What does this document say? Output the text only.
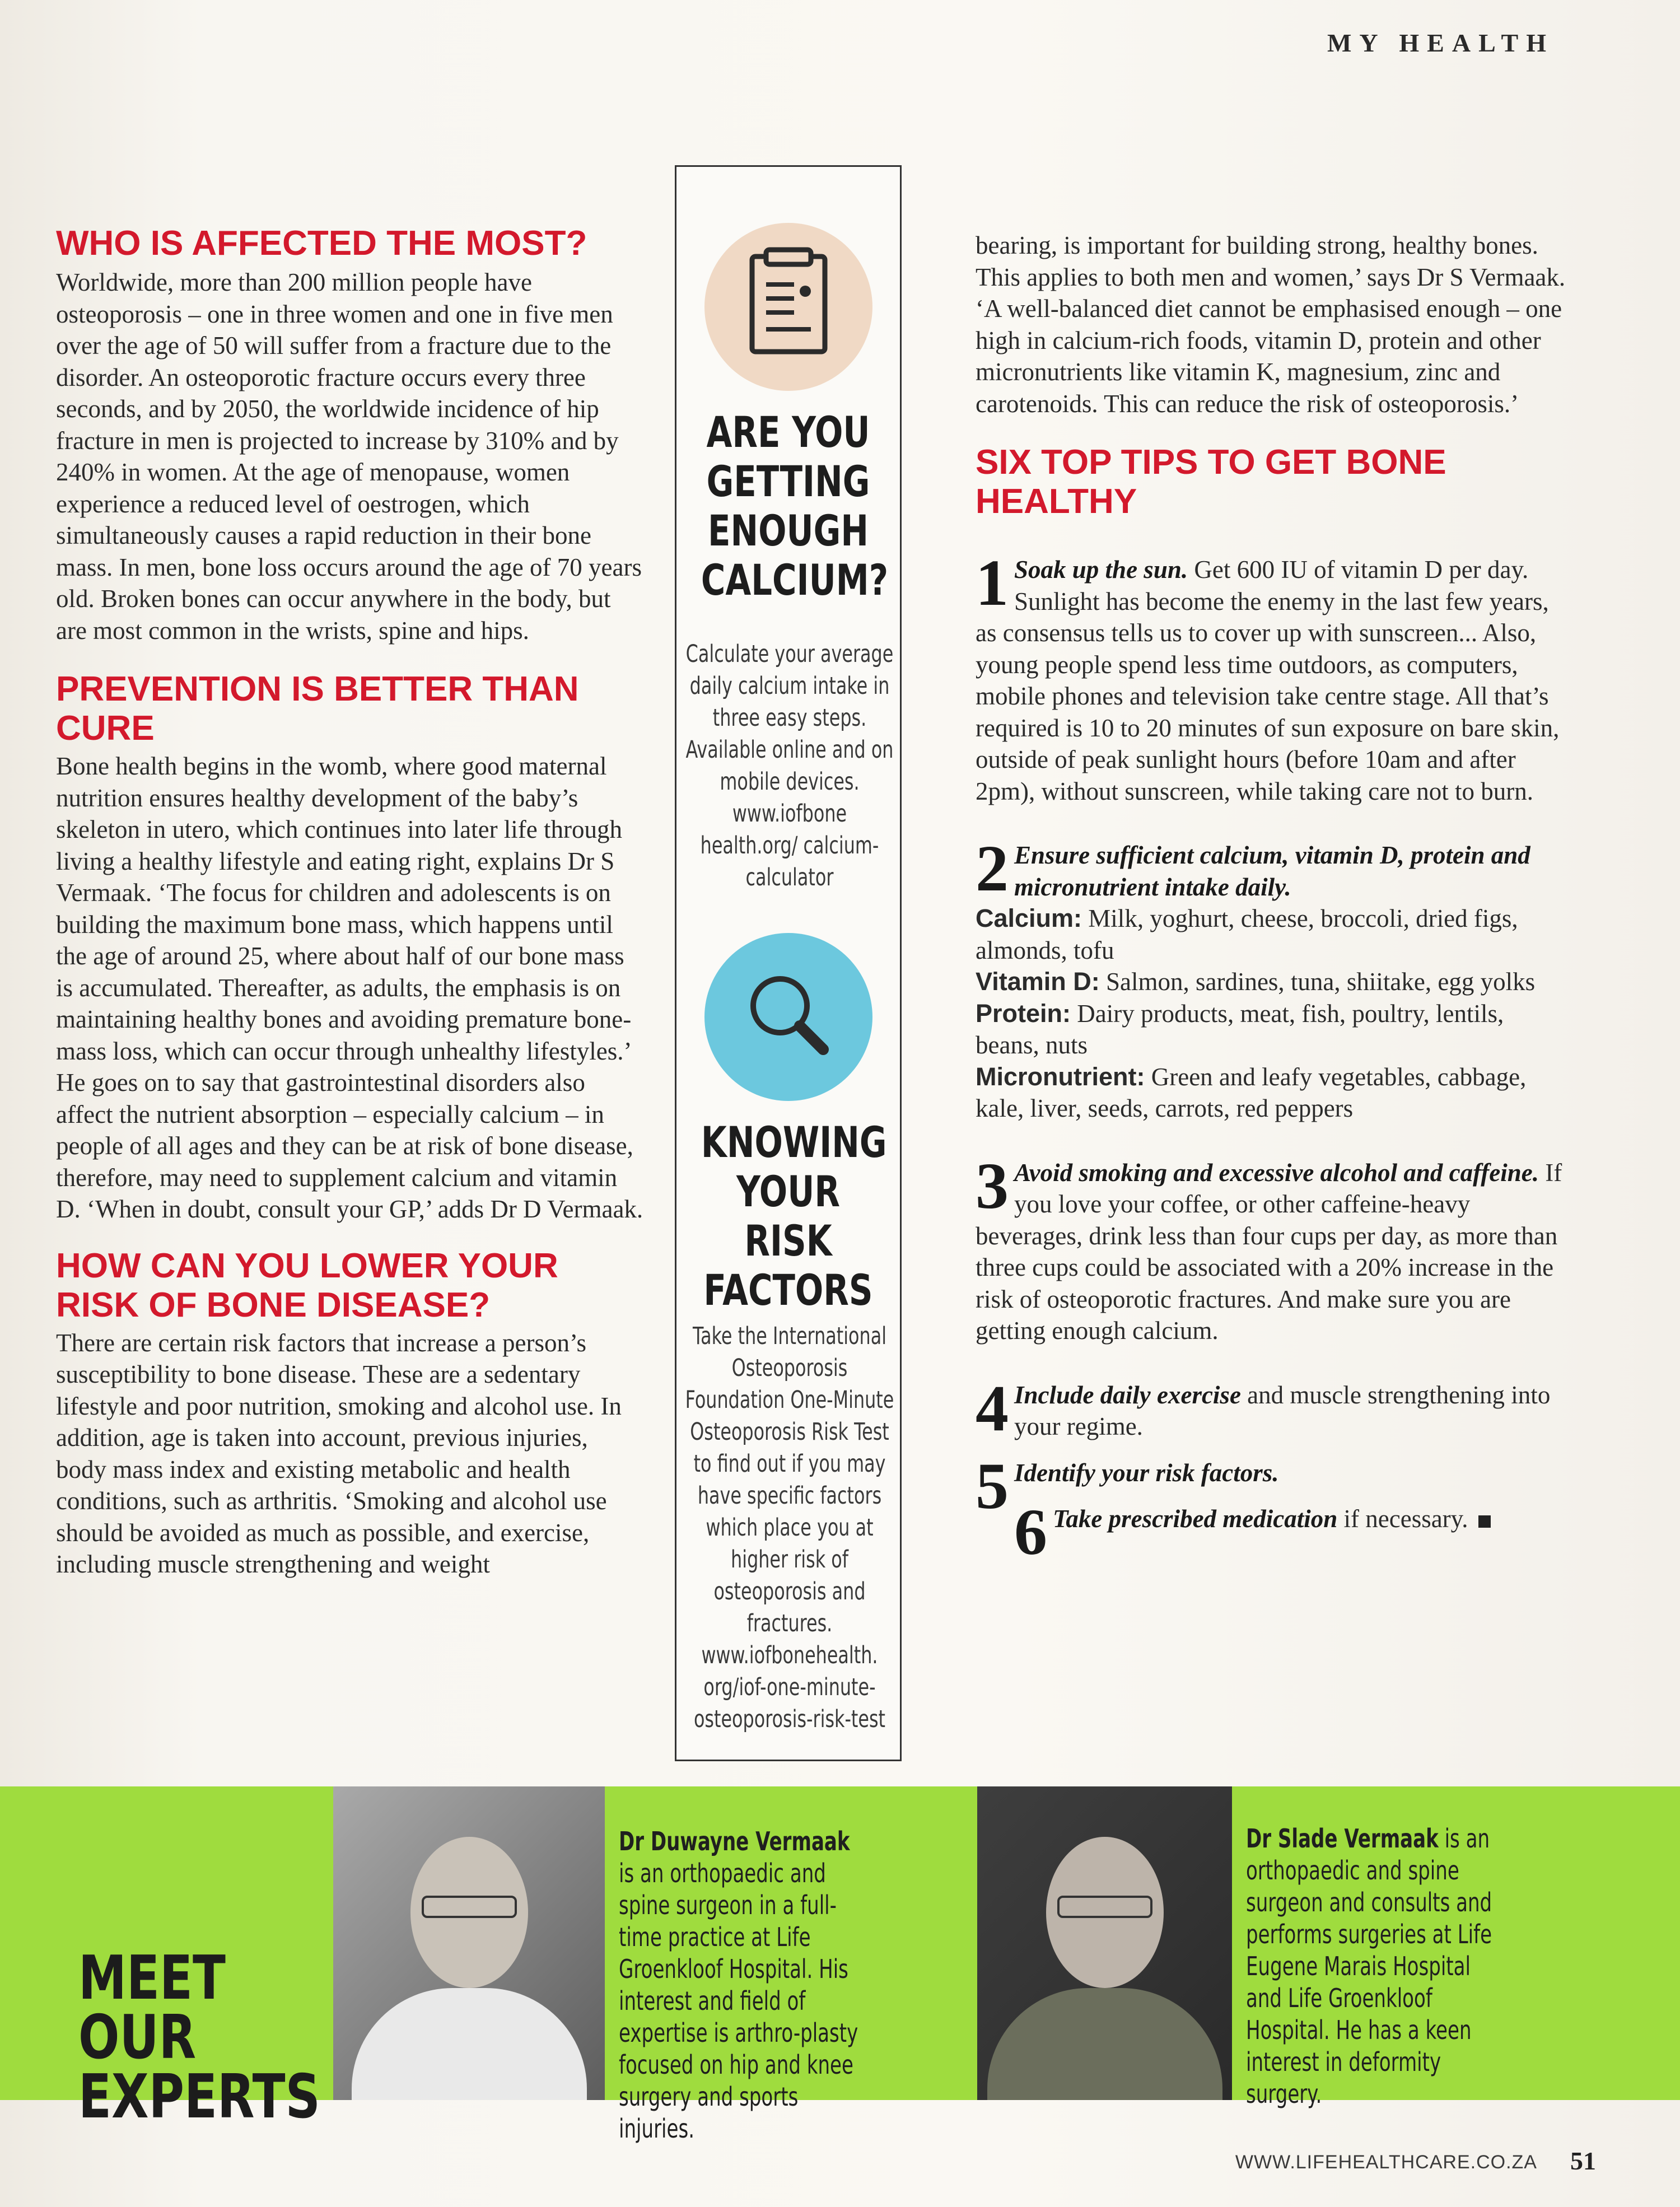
MY HEALTH
WHO IS AFFECTED THE MOST?

Worldwide, more than 200 million people have osteoporosis – one in three women and one in five men over the age of 50 will suffer from a fracture due to the disorder. An osteoporotic fracture occurs every three seconds, and by 2050, the worldwide incidence of hip fracture in men is projected to increase by 310% and by 240% in women. At the age of menopause, women experience a reduced level of oestrogen, which simultaneously causes a rapid reduction in their bone mass. In men, bone loss occurs around the age of 70 years old. Broken bones can occur anywhere in the body, but are most common in the wrists, spine and hips.

PREVENTION IS BETTER THAN CURE

Bone health begins in the womb, where good maternal nutrition ensures healthy development of the baby’s skeleton in utero, which continues into later life through living a healthy lifestyle and eating right, explains Dr S Vermaak. ‘The focus for children and adolescents is on building the maximum bone mass, which happens until the age of around 25, where about half of our bone mass is accumulated. Thereafter, as adults, the emphasis is on maintaining healthy bones and avoiding premature bone-mass loss, which can occur through unhealthy lifestyles.’ He goes on to say that gastrointestinal disorders also affect the nutrient absorption – especially calcium – in people of all ages and they can be at risk of bone disease, therefore, may need to supplement calcium and vitamin D. ‘When in doubt, consult your GP,’ adds Dr D Vermaak.

HOW CAN YOU LOWER YOUR RISK OF BONE DISEASE?

There are certain risk factors that increase a person’s susceptibility to bone disease. These are a sedentary lifestyle and poor nutrition, smoking and alcohol use. In addition, age is taken into account, previous injuries, body mass index and existing metabolic and health conditions, such as arthritis. ‘Smoking and alcohol use should be avoided as much as possible, and exercise, including muscle strengthening and weight

ARE YOU GETTING ENOUGH CALCIUM?
Calculate your average daily calcium intake in three easy steps. Available online and on mobile devices. www.iofbone health.org/ calcium-calculator
KNOWING YOUR RISK FACTORS
Take the International Osteoporosis Foundation One-Minute Osteoporosis Risk Test to find out if you may have specific factors which place you at higher risk of osteoporosis and fractures. www.iofbonehealth. org/iof-one-minute- osteoporosis-risk-test

bearing, is important for building strong, healthy bones. This applies to both men and women,’ says Dr S Vermaak. ‘A well-balanced diet cannot be emphasised enough – one high in calcium-rich foods, vitamin D, protein and other micronutrients like vitamin K, magnesium, zinc and carotenoids. This can reduce the risk of osteoporosis.’

SIX TOP TIPS TO GET BONE HEALTHY
1 Soak up the sun. Get 600 IU of vitamin D per day. Sunlight has become the enemy in the last few years, as consensus tells us to cover up with sunscreen... Also, young people spend less time outdoors, as computers, mobile phones and television take centre stage. All that’s required is 10 to 20 minutes of sun exposure on bare skin, outside of peak sunlight hours (before 10am and after 2pm), without sunscreen, while taking care not to burn.

2 Ensure sufficient calcium, vitamin D, protein and micronutrient intake daily.

Calcium: Milk, yoghurt, cheese, broccoli, dried figs, almonds, tofu

Vitamin D: Salmon, sardines, tuna, shiitake, egg yolks

Protein: Dairy products, meat, fish, poultry, lentils, beans, nuts

Micronutrient: Green and leafy vegetables, cabbage, kale, liver, seeds, carrots, red peppers

3 Avoid smoking and excessive alcohol and caffeine. If you love your coffee, or other caffeine-heavy beverages, drink less than four cups per day, as more than three cups could be associated with a 20% increase in the risk of osteoporotic fractures. And make sure you are getting enough calcium.

4 Include daily exercise and muscle strengthening into your regime.

5 Identify your risk factors.

6 Take prescribed medication if necessary.

MEET
OUR
EXPERTS
Dr Duwayne Vermaak is an orthopaedic and spine surgeon in a full-time practice at Life Groenkloof Hospital. His interest and field of expertise is arthro-plasty focused on hip and knee surgery and sports injuries.
Dr Slade Vermaak is an orthopaedic and spine surgeon and consults and performs surgeries at Life Eugene Marais Hospital and Life Groenkloof Hospital. He has a keen interest in deformity surgery.
WWW.LIFEHEALTHCARE.CO.ZA 51
